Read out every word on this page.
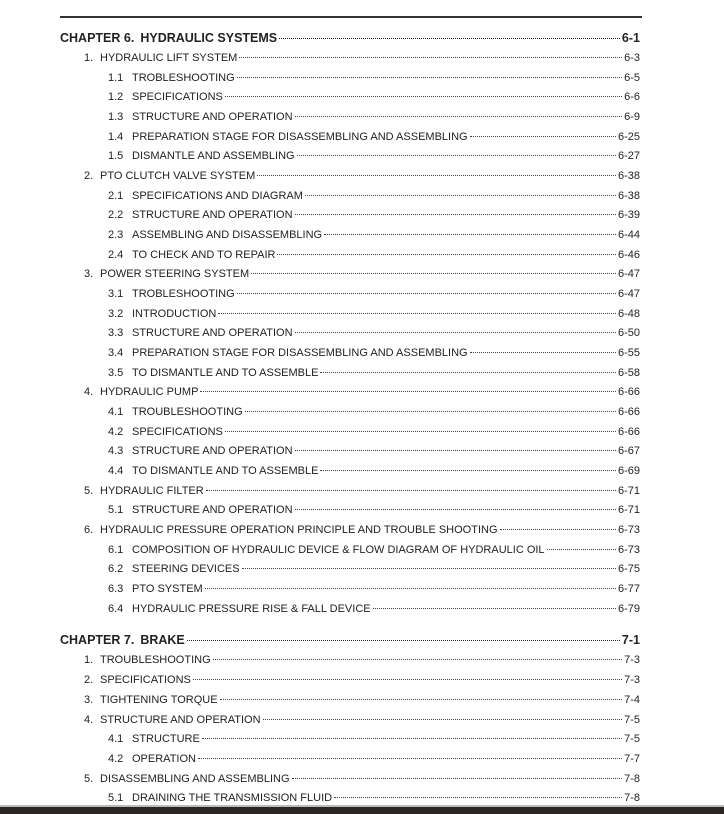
CHAPTER 6. HYDRAULIC SYSTEMS	6-1
1. HYDRAULIC LIFT SYSTEM	6-3
1.1 TROBLESHOOTING	6-5
1.2 SPECIFICATIONS	6-6
1.3 STRUCTURE AND OPERATION	6-9
1.4 PREPARATION STAGE FOR DISASSEMBLING AND ASSEMBLING	6-25
1.5 DISMANTLE AND ASSEMBLING	6-27
2. PTO CLUTCH VALVE SYSTEM	6-38
2.1 SPECIFICATIONS AND DIAGRAM	6-38
2.2 STRUCTURE AND OPERATION	6-39
2.3 ASSEMBLING AND DISASSEMBLING	6-44
2.4 TO CHECK AND TO REPAIR	6-46
3. POWER STEERING SYSTEM	6-47
3.1 TROBLESHOOTING	6-47
3.2 INTRODUCTION	6-48
3.3 STRUCTURE AND OPERATION	6-50
3.4 PREPARATION STAGE FOR DISASSEMBLING AND ASSEMBLING	6-55
3.5 TO DISMANTLE AND TO ASSEMBLE	6-58
4. HYDRAULIC PUMP	6-66
4.1 TROUBLESHOOTING	6-66
4.2 SPECIFICATIONS	6-66
4.3 STRUCTURE AND OPERATION	6-67
4.4 TO DISMANTLE AND TO ASSEMBLE	6-69
5. HYDRAULIC FILTER	6-71
5.1 STRUCTURE AND OPERATION	6-71
6. HYDRAULIC PRESSURE OPERATION PRINCIPLE AND TROUBLE SHOOTING	6-73
6.1 COMPOSITION OF HYDRAULIC DEVICE & FLOW DIAGRAM OF HYDRAULIC OIL	6-73
6.2 STEERING DEVICES	6-75
6.3 PTO SYSTEM	6-77
6.4 HYDRAULIC PRESSURE RISE & FALL DEVICE	6-79
CHAPTER 7. BRAKE	7-1
1. TROUBLESHOOTING	7-3
2. SPECIFICATIONS	7-3
3. TIGHTENING TORQUE	7-4
4. STRUCTURE AND OPERATION	7-5
4.1 STRUCTURE	7-5
4.2 OPERATION	7-7
5. DISASSEMBLING AND ASSEMBLING	7-8
5.1 DRAINING THE TRANSMISSION FLUID	7-8
